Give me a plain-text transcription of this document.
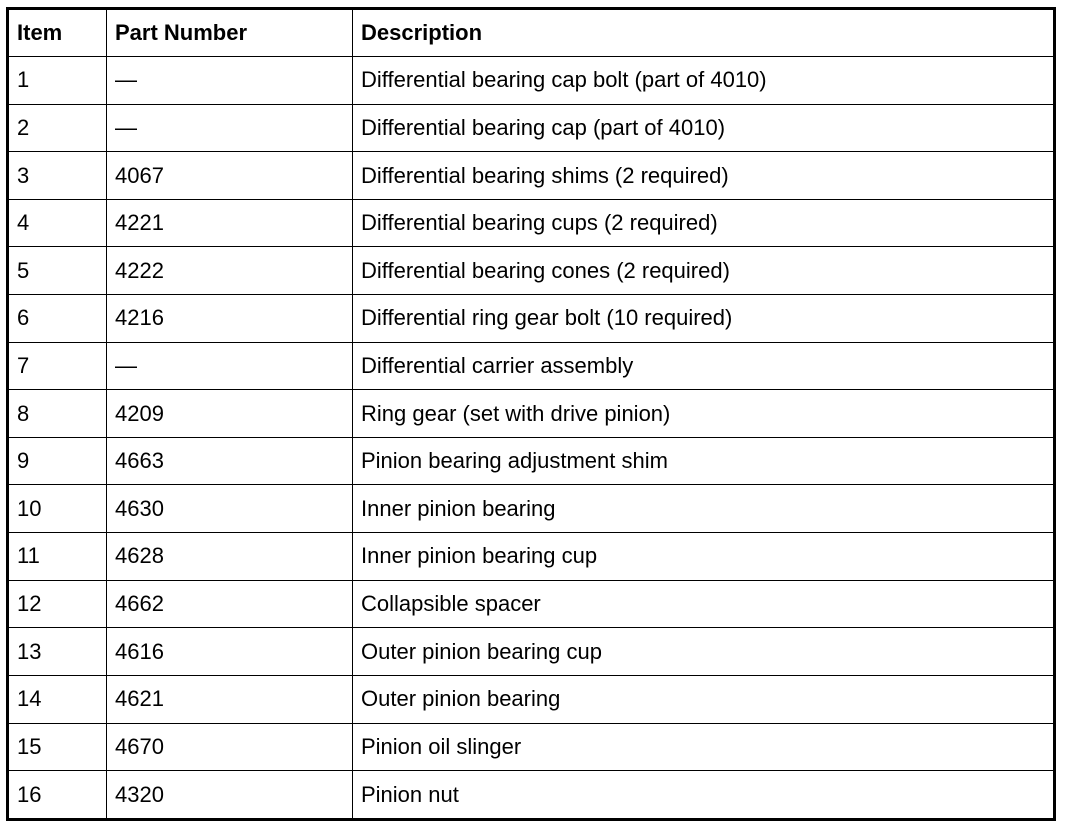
Item	Part Number	Description
1	—	Differential bearing cap bolt (part of 4010)
2	—	Differential bearing cap (part of 4010)
3	4067	Differential bearing shims (2 required)
4	4221	Differential bearing cups (2 required)
5	4222	Differential bearing cones (2 required)
6	4216	Differential ring gear bolt (10 required)
7	—	Differential carrier assembly
8	4209	Ring gear (set with drive pinion)
9	4663	Pinion bearing adjustment shim
10	4630	Inner pinion bearing
11	4628	Inner pinion bearing cup
12	4662	Collapsible spacer
13	4616	Outer pinion bearing cup
14	4621	Outer pinion bearing
15	4670	Pinion oil slinger
16	4320	Pinion nut
